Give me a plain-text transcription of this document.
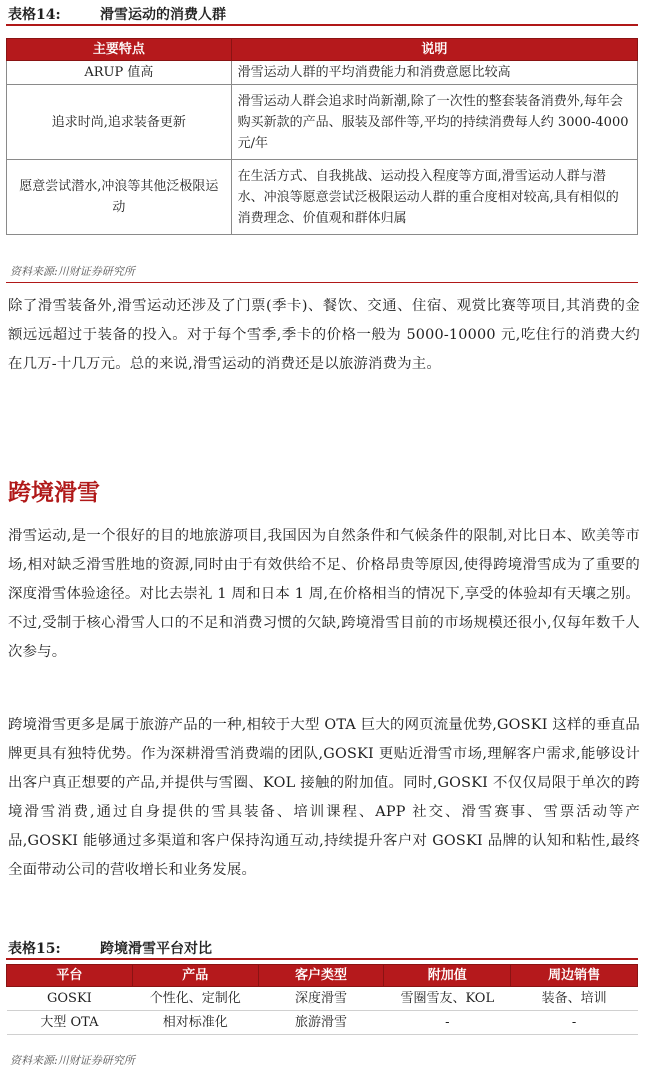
表格14:	滑雪运动的消费人群
主要特点	说明
ARUP 值高	滑雪运动人群的平均消费能力和消费意愿比较高
追求时尚,追求装备更新	滑雪运动人群会追求时尚新潮,除了一次性的整套装备消费外,每年会购买新款的产品、服装及部件等,平均的持续消费每人约 3000-4000 元/年
愿意尝试潜水,冲浪等其他泛极限运动	在生活方式、自我挑战、运动投入程度等方面,滑雪运动人群与潜水、冲浪等愿意尝试泛极限运动人群的重合度相对较高,具有相似的消费理念、价值观和群体归属
资料来源:川财证券研究所
除了滑雪装备外,滑雪运动还涉及了门票(季卡)、餐饮、交通、住宿、观赏比赛等项目,其消费的金额远远超过于装备的投入。对于每个雪季,季卡的价格一般为 5000-10000 元,吃住行的消费大约在几万-十几万元。总的来说,滑雪运动的消费还是以旅游消费为主。
跨境滑雪
滑雪运动,是一个很好的目的地旅游项目,我国因为自然条件和气候条件的限制,对比日本、欧美等市场,相对缺乏滑雪胜地的资源,同时由于有效供给不足、价格昂贵等原因,使得跨境滑雪成为了重要的深度滑雪体验途径。对比去崇礼 1 周和日本 1 周,在价格相当的情况下,享受的体验却有天壤之别。不过,受制于核心滑雪人口的不足和消费习惯的欠缺,跨境滑雪目前的市场规模还很小,仅每年数千人次参与。
跨境滑雪更多是属于旅游产品的一种,相较于大型 OTA 巨大的网页流量优势,GOSKI 这样的垂直品牌更具有独特优势。作为深耕滑雪消费端的团队,GOSKI 更贴近滑雪市场,理解客户需求,能够设计出客户真正想要的产品,并提供与雪圈、KOL 接触的附加值。同时,GOSKI 不仅仅局限于单次的跨境滑雪消费,通过自身提供的雪具装备、培训课程、APP 社交、滑雪赛事、雪票活动等产品,GOSKI 能够通过多渠道和客户保持沟通互动,持续提升客户对 GOSKI 品牌的认知和粘性,最终全面带动公司的营收增长和业务发展。
表格15:	跨境滑雪平台对比
平台	产品	客户类型	附加值	周边销售
GOSKI	个性化、定制化	深度滑雪	雪圈雪友、KOL	装备、培训
大型 OTA	相对标准化	旅游滑雪	-	-
资料来源:川财证券研究所
